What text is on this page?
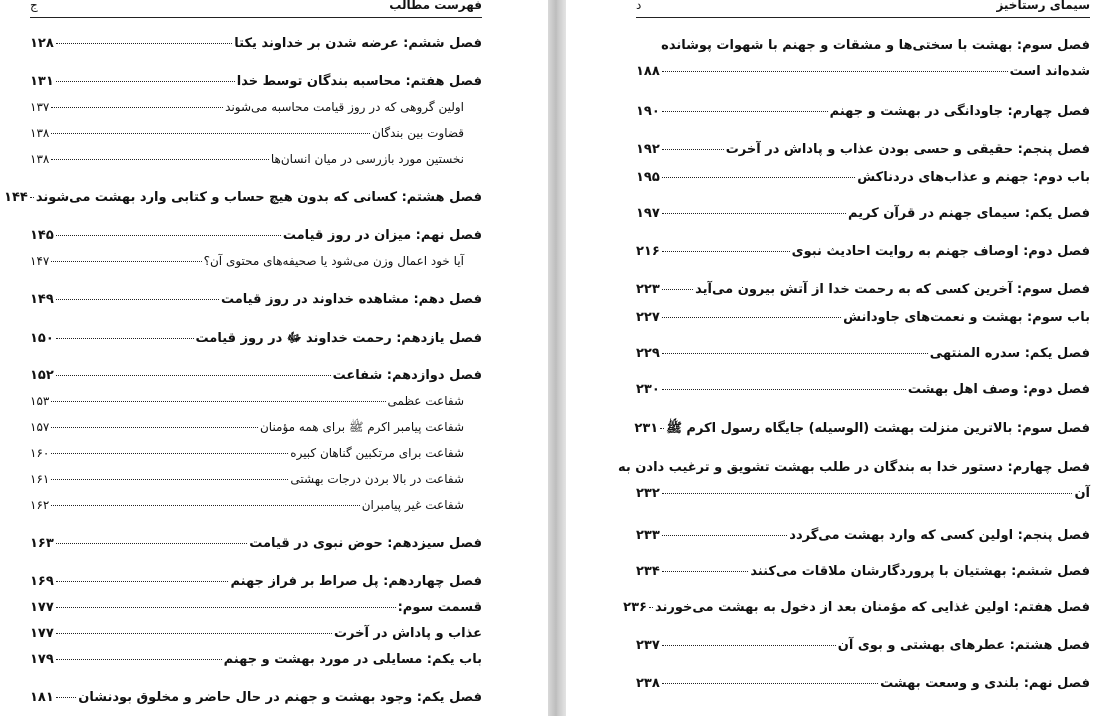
فهرست مطالب
ج
فصل ششم: عرضه شدن بر خداوند یکتا
۱۲۸
فصل هفتم: محاسبه بندگان توسط خدا
۱۳۱
اولین گروهی که در روز قیامت محاسبه می‌شوند
۱۳۷
قضاوت بین بندگان
۱۳۸
نخستین مورد بازرسی در میان انسان‌ها
۱۳۸
فصل هشتم: کسانی که بدون هیچ حساب و کتابی وارد بهشت می‌شوند
۱۴۴
فصل نهم: میزان در روز قیامت
۱۴۵
آیا خود اعمال وزن می‌شود یا صحیفه‌های محتوی آن؟
۱۴۷
فصل دهم: مشاهده خداوند در روز قیامت
۱۴۹
فصل یازدهم: رحمت خداوند ﷻ در روز قیامت
۱۵۰
فصل دوازدهم: شفاعت
۱۵۲
شفاعت عظمی
۱۵۳
شفاعت پیامبر اکرم ﷺ برای همه مؤمنان
۱۵۷
شفاعت برای مرتکبین گناهان کبیره
۱۶۰
شفاعت در بالا بردن درجات بهشتی
۱۶۱
شفاعت غیر پیامبران
۱۶۲
فصل سیزدهم: حوض نبوی در قیامت
۱۶۳
فصل چهاردهم: پل صراط بر فراز جهنم
۱۶۹
قسمت سوم:
۱۷۷
عذاب و پاداش در آخرت
۱۷۷
باب یکم: مسایلی در مورد بهشت و جهنم
۱۷۹
فصل یکم: وجود بهشت و جهنم در حال حاضر و مخلوق بودنشان
۱۸۱
سیمای رستاخیز
د
فصل سوم: بهشت با سختی‌ها و مشقات و جهنم با شهوات پوشانده
شده‌اند است
۱۸۸
فصل چهارم: جاودانگی در بهشت و جهنم
۱۹۰
فصل پنجم: حقیقی و حسی بودن عذاب و پاداش در آخرت
۱۹۲
باب دوم: جهنم و عذاب‌های دردناکش
۱۹۵
فصل یکم: سیمای جهنم در قرآن کریم
۱۹۷
فصل دوم: اوصاف جهنم به روایت احادیث نبوی
۲۱۶
فصل سوم: آخرین کسی که به رحمت خدا از آتش بیرون می‌آید
۲۲۳
باب سوم: بهشت و نعمت‌های جاودانش
۲۲۷
فصل یکم: سدره المنتهی
۲۲۹
فصل دوم: وصف اهل بهشت
۲۳۰
فصل سوم: بالاترین منزلت بهشت (الوسیله) جایگاه رسول اکرم ﷺ
۲۳۱
فصل چهارم: دستور خدا به بندگان در طلب بهشت تشویق و ترغیب دادن به
آن
۲۳۲
فصل پنجم: اولین کسی که وارد بهشت می‌گردد
۲۳۳
فصل ششم: بهشتیان با پروردگارشان ملاقات می‌کنند
۲۳۴
فصل هفتم: اولین غذایی که مؤمنان بعد از دخول به بهشت می‌خورند
۲۳۶
فصل هشتم: عطرهای بهشتی و بوی آن
۲۳۷
فصل نهم: بلندی و وسعت بهشت
۲۳۸
